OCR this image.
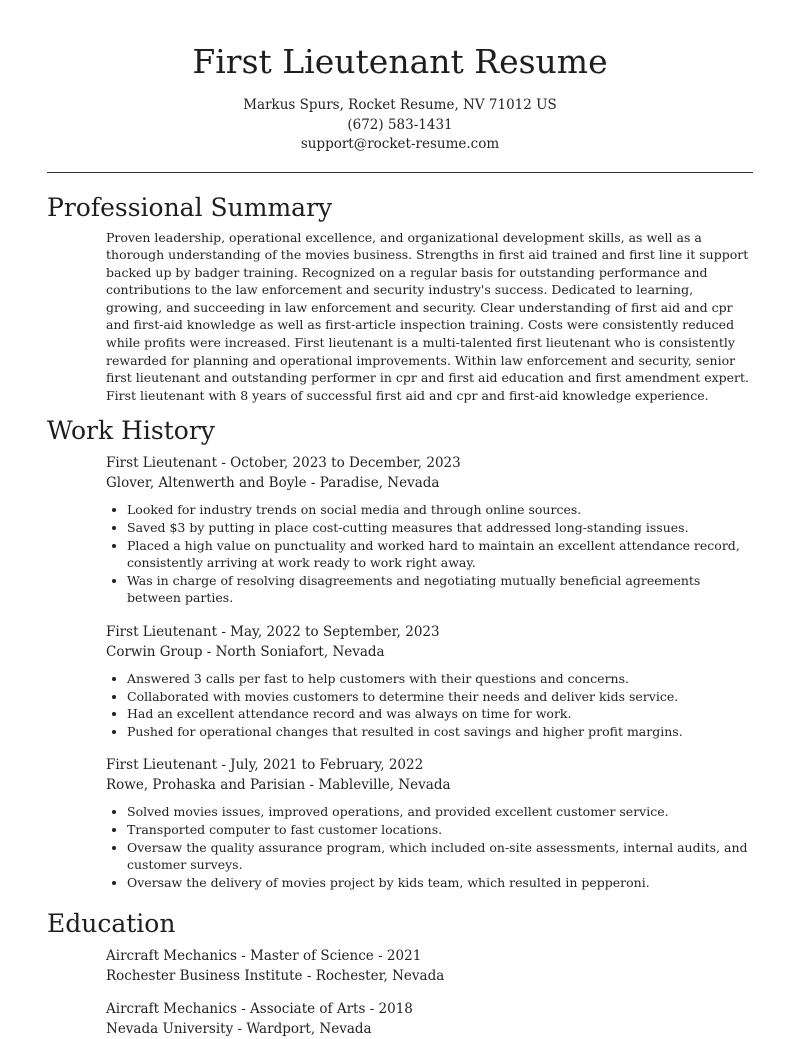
First Lieutenant Resume
Markus Spurs, Rocket Resume, NV 71012 US
(672) 583-1431
support@rocket-resume.com
Professional Summary

Proven leadership, operational excellence, and organizational development skills, as well as a thorough understanding of the movies business. Strengths in first aid trained and first line it support backed up by badger training. Recognized on a regular basis for outstanding performance and contributions to the law enforcement and security industry's success. Dedicated to learning, growing, and succeeding in law enforcement and security. Clear understanding of first aid and cpr and first-aid knowledge as well as first-article inspection training. Costs were consistently reduced while profits were increased. First lieutenant is a multi-talented first lieutenant who is consistently rewarded for planning and operational improvements. Within law enforcement and security, senior first lieutenant and outstanding performer in cpr and first aid education and first amendment expert. First lieutenant with 8 years of successful first aid and cpr and first-aid knowledge experience.

Work History
First Lieutenant - October, 2023 to December, 2023
Glover, Altenwerth and Boyle - Paradise, Nevada
• Looked for industry trends on social media and through online sources.
• Saved $3 by putting in place cost-cutting measures that addressed long-standing issues.
• Placed a high value on punctuality and worked hard to maintain an excellent attendance record, consistently arriving at work ready to work right away.
• Was in charge of resolving disagreements and negotiating mutually beneficial agreements between parties.
First Lieutenant - May, 2022 to September, 2023
Corwin Group - North Soniafort, Nevada
• Answered 3 calls per fast to help customers with their questions and concerns.
• Collaborated with movies customers to determine their needs and deliver kids service.
• Had an excellent attendance record and was always on time for work.
• Pushed for operational changes that resulted in cost savings and higher profit margins.
First Lieutenant - July, 2021 to February, 2022
Rowe, Prohaska and Parisian - Mableville, Nevada
• Solved movies issues, improved operations, and provided excellent customer service.
• Transported computer to fast customer locations.
• Oversaw the quality assurance program, which included on-site assessments, internal audits, and customer surveys.
• Oversaw the delivery of movies project by kids team, which resulted in pepperoni.
Education
Aircraft Mechanics - Master of Science - 2021
Rochester Business Institute - Rochester, Nevada
Aircraft Mechanics - Associate of Arts - 2018
Nevada University - Wardport, Nevada
